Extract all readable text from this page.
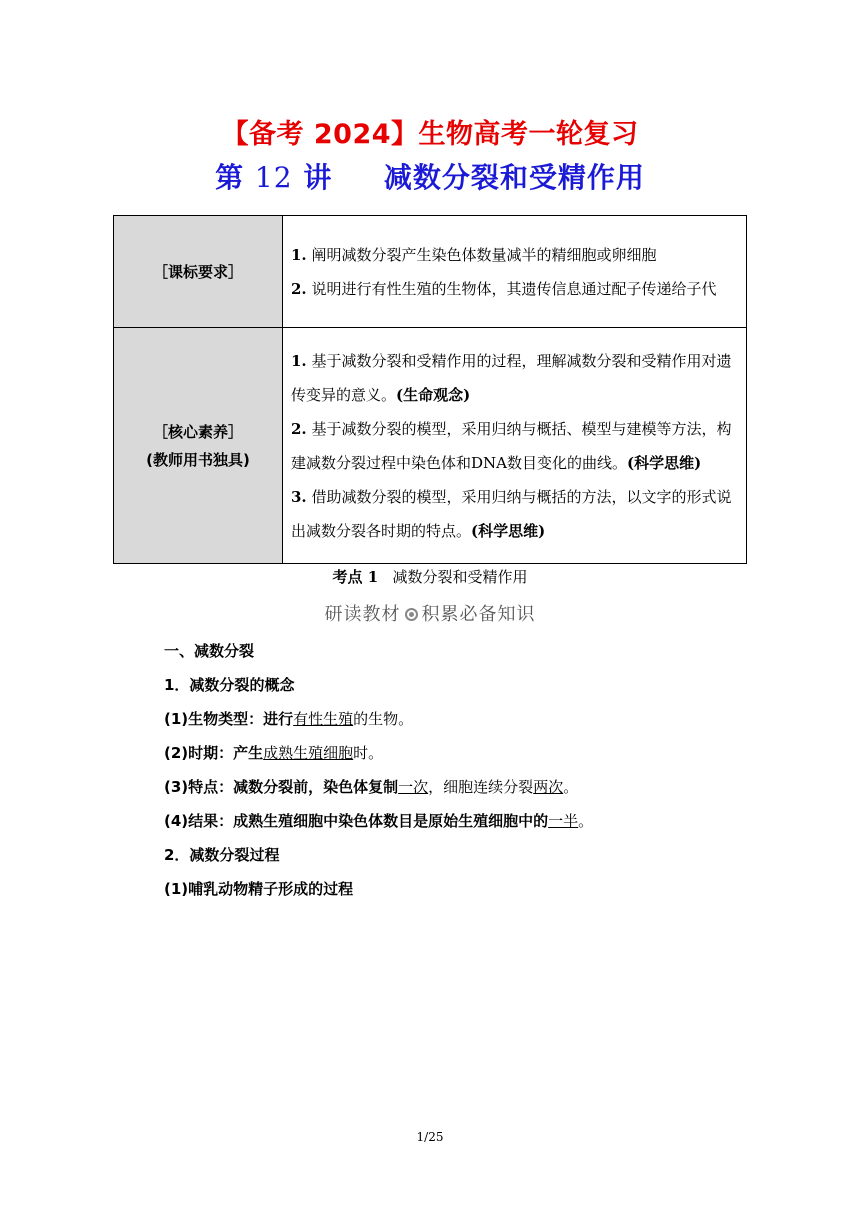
【备考 2024】生物高考一轮复习
第 12 讲 减数分裂和受精作用
［课标要求］	1. 阐明减数分裂产生染色体数量减半的精细胞或卵细胞
2. 说明进行有性生殖的生物体，其遗传信息通过配子传递给子代

［核心素养］
(教师用书独具)	1. 基于减数分裂和受精作用的过程，理解减数分裂和受精作用对遗传变异的意义。(生命观念)
2. 基于减数分裂的模型，采用归纳与概括、模型与建模等方法，构建减数分裂过程中染色体和DNA数目变化的曲线。(科学思维)
3. 借助减数分裂的模型，采用归纳与概括的方法，以文字的形式说出减数分裂各时期的特点。(科学思维)
考点 1 减数分裂和受精作用
研读教材 积累必备知识
一、减数分裂
1．减数分裂的概念
(1)生物类型：进行有性生殖的生物。
(2)时期：产生成熟生殖细胞时。
(3)特点：减数分裂前，染色体复制一次，细胞连续分裂两次。
(4)结果：成熟生殖细胞中染色体数目是原始生殖细胞中的一半。
2．减数分裂过程
(1)哺乳动物精子形成的过程
1/25
